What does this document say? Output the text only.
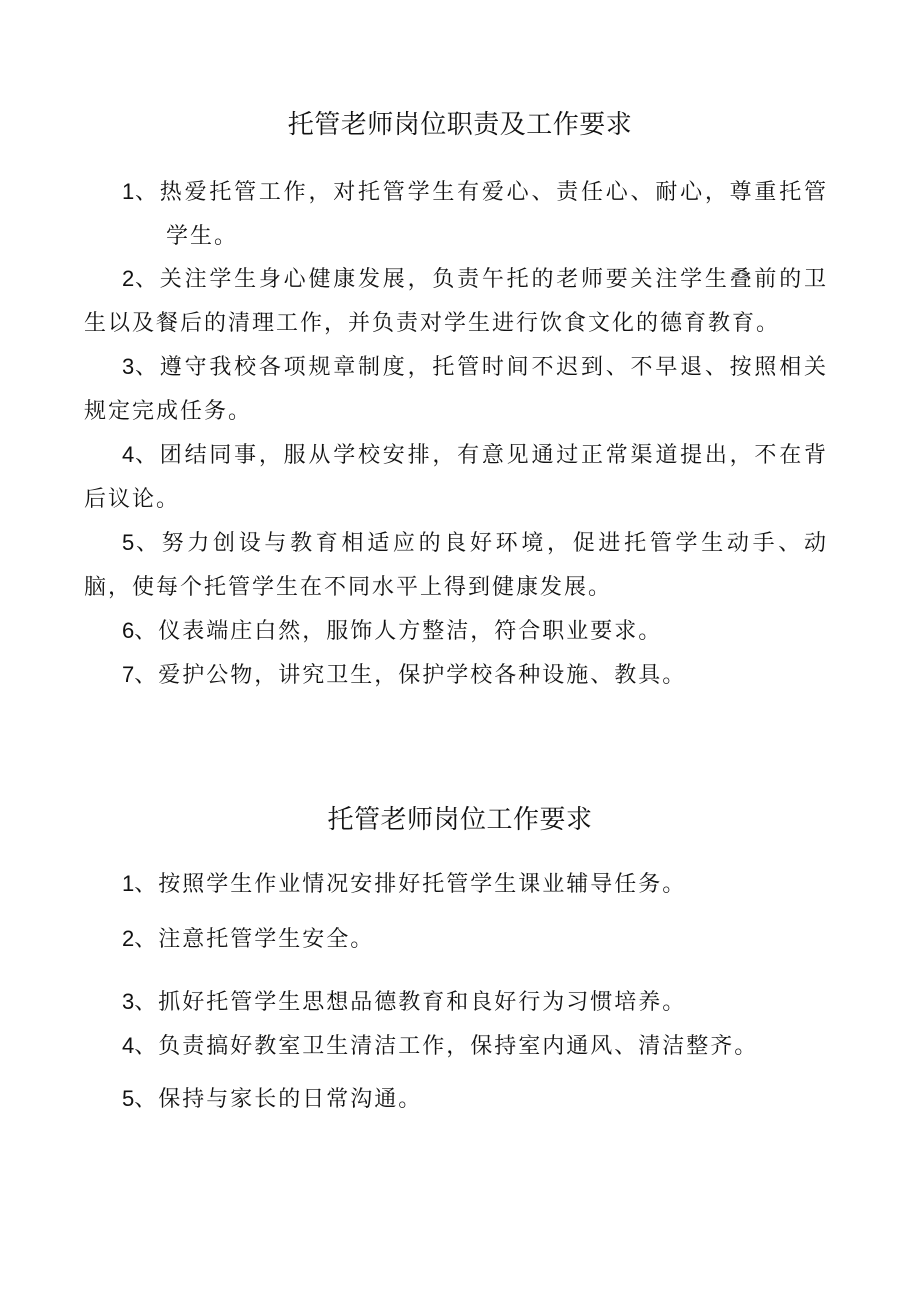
托管老师岗位职责及工作要求
1、热爱托管工作，对托管学生有爱心、责任心、耐心，尊重托管学生。
2、关注学生身心健康发展，负责午托的老师要关注学生叠前的卫生以及餐后的清理工作，并负责对学生进行饮食文化的德育教育。
3、遵守我校各项规章制度，托管时间不迟到、不早退、按照相关规定完成任务。
4、团结同事，服从学校安排，有意见通过正常渠道提出，不在背后议论。
5、努力创设与教育相适应的良好环境，促进托管学生动手、动脑，使每个托管学生在不同水平上得到健康发展。
6、仪表端庄白然，服饰人方整洁，符合职业要求。
7、爱护公物，讲究卫生，保护学校各种设施、教具。
托管老师岗位工作要求
1、按照学生作业情况安排好托管学生课业辅导任务。
2、注意托管学生安全。
3、抓好托管学生思想品德教育和良好行为习惯培养。
4、负责搞好教室卫生清洁工作，保持室内通风、清洁整齐。
5、保持与家长的日常沟通。
